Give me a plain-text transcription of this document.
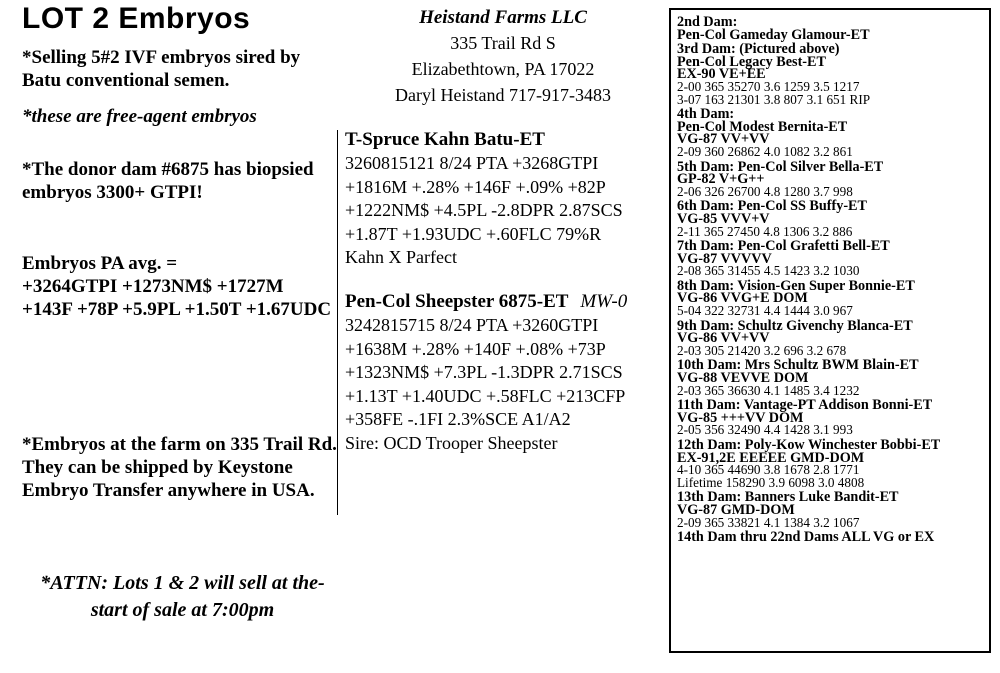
LOT 2 Embryos
*Selling 5#2 IVF embryos sired by
Batu conventional semen.
*these are free-agent embryos
*The donor dam #6875 has biopsied
embryos 3300+ GTPI!
Embryos PA avg. =
+3264GTPI +1273NM$ +1727M
+143F +78P +5.9PL +1.50T +1.67UDC
*Embryos at the farm on 335 Trail Rd.
They can be shipped by Keystone
Embryo Transfer anywhere in USA.
*ATTN: Lots 1 & 2 will sell at the-
start of sale at 7:00pm
Heistand Farms LLC
335 Trail Rd S
Elizabethtown, PA 17022
Daryl Heistand 717-917-3483
T-Spruce Kahn Batu-ET
3260815121 8/24 PTA +3268GTPI
+1816M +.28% +146F +.09% +82P
+1222NM$ +4.5PL -2.8DPR 2.87SCS
+1.87T +1.93UDC +.60FLC 79%R
Kahn X Parfect
Pen-Col Sheepster 6875-ET MW-0
3242815715 8/24 PTA +3260GTPI
+1638M +.28% +140F +.08% +73P
+1323NM$ +7.3PL -1.3DPR 2.71SCS
+1.13T +1.40UDC +.58FLC +213CFP
+358FE -.1FI 2.3%SCE A1/A2
Sire: OCD Trooper Sheepster
2nd Dam:
Pen-Col Gameday Glamour-ET
3rd Dam: (Pictured above)
Pen-Col Legacy Best-ET
EX-90 VE+EE
2-00 365 35270 3.6 1259 3.5 1217
3-07 163 21301 3.8 807 3.1 651 RIP
4th Dam:
Pen-Col Modest Bernita-ET
VG-87 VV+VV
2-09 360 26862 4.0 1082 3.2 861
5th Dam: Pen-Col Silver Bella-ET
GP-82 V+G++
2-06 326 26700 4.8 1280 3.7 998
6th Dam: Pen-Col SS Buffy-ET
VG-85 VVV+V
2-11 365 27450 4.8 1306 3.2 886
7th Dam: Pen-Col Grafetti Bell-ET
VG-87 VVVVV
2-08 365 31455 4.5 1423 3.2 1030
8th Dam: Vision-Gen Super Bonnie-ET
VG-86 VVG+E DOM
5-04 322 32731 4.4 1444 3.0 967
9th Dam: Schultz Givenchy Blanca-ET
VG-86 VV+VV
2-03 305 21420 3.2 696 3.2 678
10th Dam: Mrs Schultz BWM Blain-ET
VG-88 VEVVE DOM
2-03 365 36630 4.1 1485 3.4 1232
11th Dam: Vantage-PT Addison Bonni-ET
VG-85 +++VV DOM
2-05 356 32490 4.4 1428 3.1 993
12th Dam: Poly-Kow Winchester Bobbi-ET
EX-91,2E EEEEE GMD-DOM
4-10 365 44690 3.8 1678 2.8 1771
Lifetime 158290 3.9 6098 3.0 4808
13th Dam: Banners Luke Bandit-ET
VG-87 GMD-DOM
2-09 365 33821 4.1 1384 3.2 1067
14th Dam thru 22nd Dams ALL VG or EX
